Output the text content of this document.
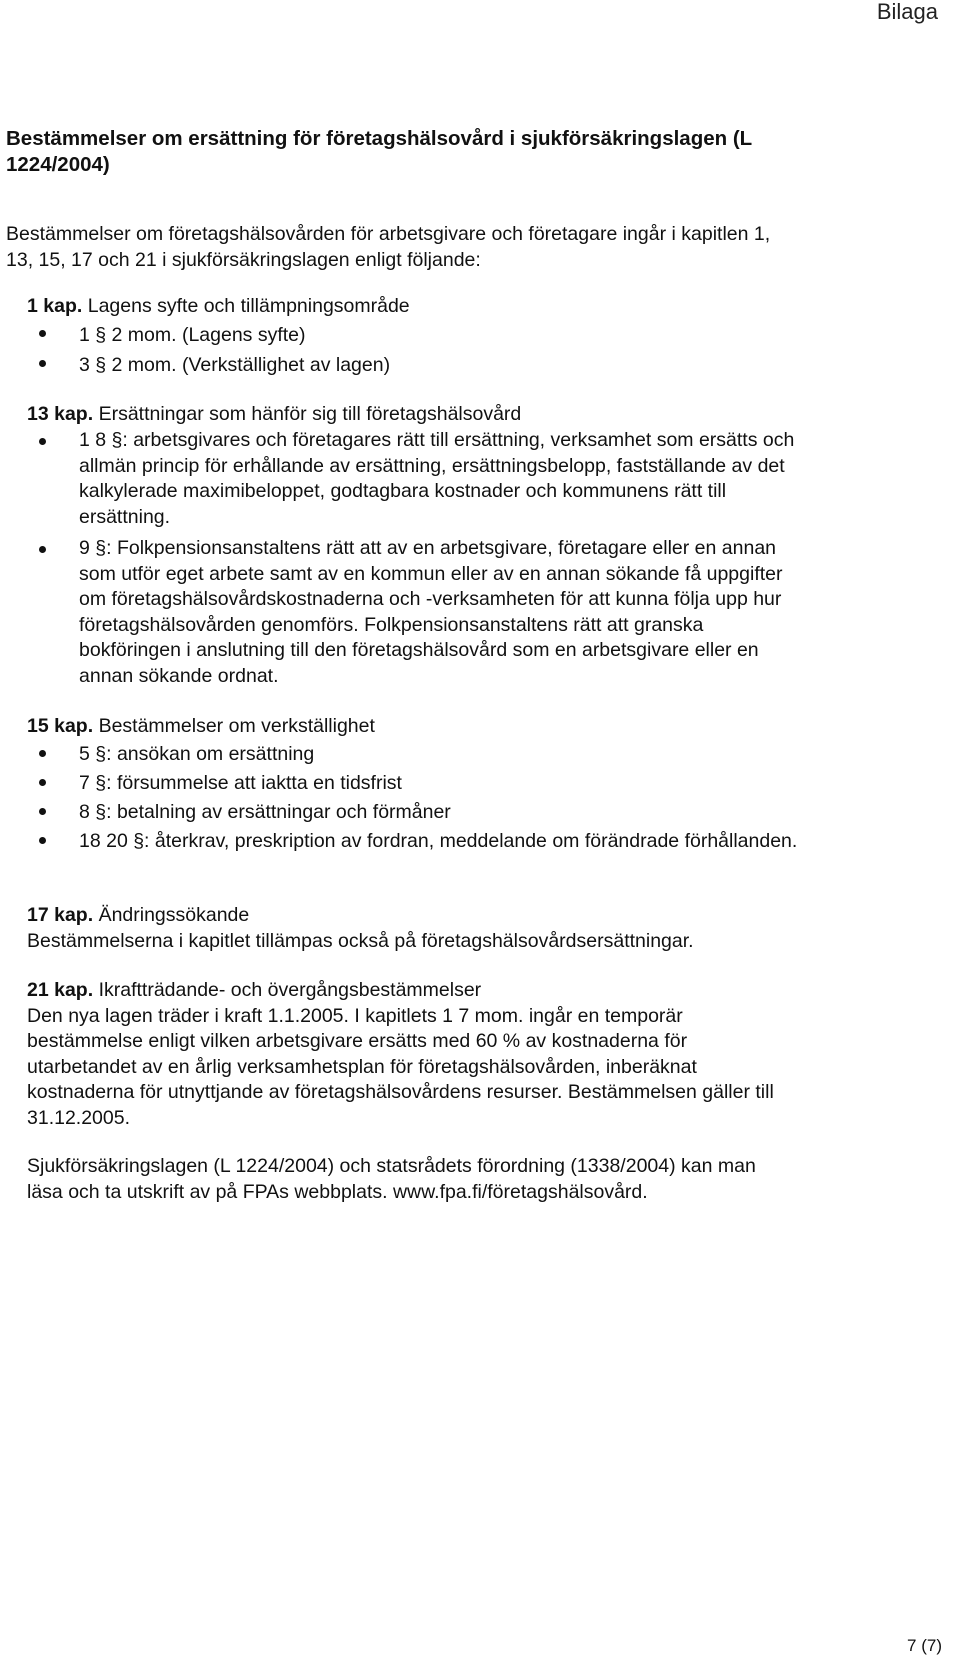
Bilaga
Bestämmelser om ersättning för företagshälsovård i sjukförsäkringslagen (L 1224/2004)
Bestämmelser om företagshälsovården för arbetsgivare och företagare ingår i kapitlen 1, 13, 15, 17 och 21 i sjukförsäkringslagen enligt följande:
1 kap. Lagens syfte och tillämpningsområde
1 § 2 mom. (Lagens syfte)
3 § 2 mom. (Verkställighet av lagen)
13 kap. Ersättningar som hänför sig till företagshälsovård
1 8 §: arbetsgivares och företagares rätt till ersättning, verksamhet som ersätts och allmän princip för erhållande av ersättning, ersättningsbelopp, fastställande av det kalkylerade maximibeloppet, godtagbara kostnader och kommunens rätt till ersättning.
9 §: Folkpensionsanstaltens rätt att av en arbetsgivare, företagare eller en annan som utför eget arbete samt av en kommun eller av en annan sökande få uppgifter om företagshälsovårdskostnaderna och -verksamheten för att kunna följa upp hur företagshälsovården genomförs. Folkpensionsanstaltens rätt att granska bokföringen i anslutning till den företagshälsovård som en arbetsgivare eller en annan sökande ordnat.
15 kap. Bestämmelser om verkställighet
5 §: ansökan om ersättning
7 §: försummelse att iaktta en tidsfrist
8 §: betalning av ersättningar och förmåner
18 20 §: återkrav, preskription av fordran, meddelande om förändrade förhållanden.
17 kap. Ändringssökande
Bestämmelserna i kapitlet tillämpas också på företagshälsovårdsersättningar.
21 kap. Ikraftträdande- och övergångsbestämmelser
Den nya lagen träder i kraft 1.1.2005. I kapitlets 1 7 mom. ingår en temporär bestämmelse enligt vilken arbetsgivare ersätts med 60 % av kostnaderna för utarbetandet av en årlig verksamhetsplan för företagshälsovården, inberäknat kostnaderna för utnyttjande av företagshälsovårdens resurser. Bestämmelsen gäller till 31.12.2005.
Sjukförsäkringslagen (L 1224/2004) och statsrådets förordning (1338/2004) kan man läsa och ta utskrift av på FPAs webbplats. www.fpa.fi/företagshälsovård.
7 (7)
